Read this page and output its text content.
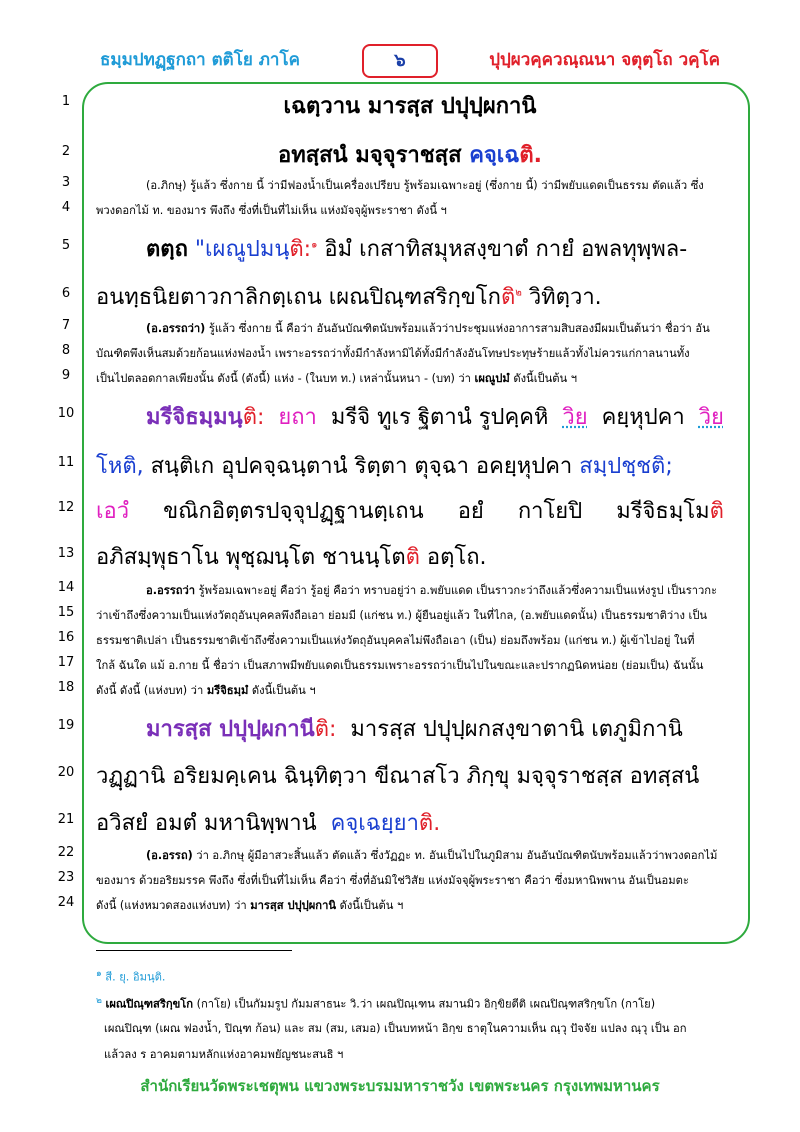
ธมฺมปทฏฺฐกถา ตติโย ภาโค	๖	ปุปฺผวคฺควณฺณนา จตุตฺโถ วคฺโค
1
2
3
4
5
6
7
8
9
10
11
12
13
14
15
16
17
18
19
20
21
22
23
24
เฉตฺวาน มารสฺส ปปุปฺผกานิ
อทสฺสนํ มจฺจุราชสฺส คจฺเฉติ.
(อ.ภิกษุ) รู้แล้ว ซึ่งกาย นี้ ว่ามีฟองน้ำเป็นเครื่องเปรียบ รู้พร้อมเฉพาะอยู่ (ซึ่งกาย นี้) ว่ามีพยับแดดเป็นธรรม ตัดแล้ว ซึ่ง
พวงดอกไม้ ท. ของมาร พึงถึง ซึ่งที่เป็นที่ไม่เห็น แห่งมัจจุผู้พระราชา ดังนี้ ฯ
ตตฺถ "เผณูปมนฺติ:$^๑$ อิมํ เกสาทิสมุหสงฺขาตํ กายํ อพลทุพฺพล-
อนทฺธนิยตาวกาลิกตฺเถน เผณปิณฺฑสริกฺขโกติ$^๒$ วิทิตฺวา.
(อ.อรรถว่า) รู้แล้ว ซึ่งกาย นี้ คือว่า อันอันบัณฑิตนับพร้อมแล้วว่าประชุมแห่งอาการสามสิบสองมีผมเป็นต้นว่า ชื่อว่า อัน
บัณฑิตพึงเห็นสมด้วยก้อนแห่งฟองน้ำ เพราะอรรถว่าทั้งมีกำลังหามิได้ทั้งมีกำลังอันโทษประทุษร้ายแล้วทั้งไม่ควรแก่กาลนานทั้ง
เป็นไปตลอดกาลเพียงนั้น ดังนี้ (ดังนี้) แห่ง - (ในบท ท.) เหล่านั้นหนา - (บท) ว่า เผณูปมํ ดังนี้เป็นต้น ฯ
มรีจิธมฺมนฺติ: ยถา มรีจิ ทูเร ฐิตานํ รูปคฺคหิ วิย คยฺหุปคา วิย
โหติ, สนฺติเก อุปคจฺฉนฺตานํ ริตฺตา ตุจฺฉา อคยฺหุปคา สมฺปชฺชติ;
เอวํ ขณิกอิตฺตรปจฺจุปฏฺฐานตฺเถน อยํ กาโยปิ มรีจิธมฺโมติ
อภิสมฺพุธาโน พุชฺฌนฺโต ชานนฺโตติ อตฺโถ.
อ.อรรถว่า รู้พร้อมเฉพาะอยู่ คือว่า รู้อยู่ คือว่า ทราบอยู่ว่า อ.พยับแดด เป็นราวกะว่าถึงแล้วซึ่งความเป็นแห่งรูป เป็นราวกะ
ว่าเข้าถึงซึ่งความเป็นแห่งวัตถุอันบุคคลพึงถือเอา ย่อมมี (แก่ชน ท.) ผู้ยืนอยู่แล้ว ในที่ไกล, (อ.พยับแดดนั้น) เป็นธรรมชาติว่าง เป็น
ธรรมชาติเปล่า เป็นธรรมชาติเข้าถึงซึ่งความเป็นแห่งวัตถุอันบุคคลไม่พึงถือเอา (เป็น) ย่อมถึงพร้อม (แก่ชน ท.) ผู้เข้าไปอยู่ ในที่
ใกล้ ฉันใด แม้ อ.กาย นี้ ชื่อว่า เป็นสภาพมีพยับแดดเป็นธรรมเพราะอรรถว่าเป็นไปในขณะและปรากฏนิดหน่อย (ย่อมเป็น) ฉันนั้น
ดังนี้ ดังนี้ (แห่งบท) ว่า มรีจิธมฺมํ ดังนี้เป็นต้น ฯ
มารสฺส ปปุปฺผกานีติ: มารสฺส ปปุปฺผกสงฺขาตานิ เตภูมิกานิ
วฏฺฏานิ อริยมคฺเคน ฉินฺทิตฺวา ขีณาสโว ภิกฺขุ มจฺจุราชสฺส อทสฺสนํ
อวิสยํ อมตํ มหานิพฺพานํ คจฺเฉยฺยาติ.
(อ.อรรถ) ว่า อ.ภิกษุ ผู้มีอาสวะสิ้นแล้ว ตัดแล้ว ซึ่งวัฏฏะ ท. อันเป็นไปในภูมิสาม อันอันบัณฑิตนับพร้อมแล้วว่าพวงดอกไม้
ของมาร ด้วยอริยมรรค พึงถึง ซึ่งที่เป็นที่ไม่เห็น คือว่า ซึ่งที่อันมิใช่วิสัย แห่งมัจจุผู้พระราชา คือว่า ซึ่งมหานิพพาน อันเป็นอมตะ
ดังนี้ (แห่งหมวดสองแห่งบท) ว่า มารสฺส ปปุปฺผกานิ ดังนี้เป็นต้น ฯ
$^๑$ สี. ยุ. อิมนฺติ.
$^๒$ เผณปิณฺฑสริกฺขโก (กาโย) เป็นกัมมรูป กัมมสาธนะ วิ.ว่า เผณปิณฺเฑน สมานมิว อิกฺขิยตีติ เผณปิณฺฑสริกฺขโก (กาโย)
เผณปิณฺฑ (เผณ ฟองน้ำ, ปิณฺฑ ก้อน) และ สม (สม, เสมอ) เป็นบทหน้า อิกฺข ธาตุในความเห็น ณฺวุ ปัจจัย แปลง ณฺวุ เป็น อก
แล้วลง ร อาคมตามหลักแห่งอาคมพยัญชนะสนธิ ฯ
สำนักเรียนวัดพระเชตุพน แขวงพระบรมมหาราชวัง เขตพระนคร กรุงเทพมหานคร
